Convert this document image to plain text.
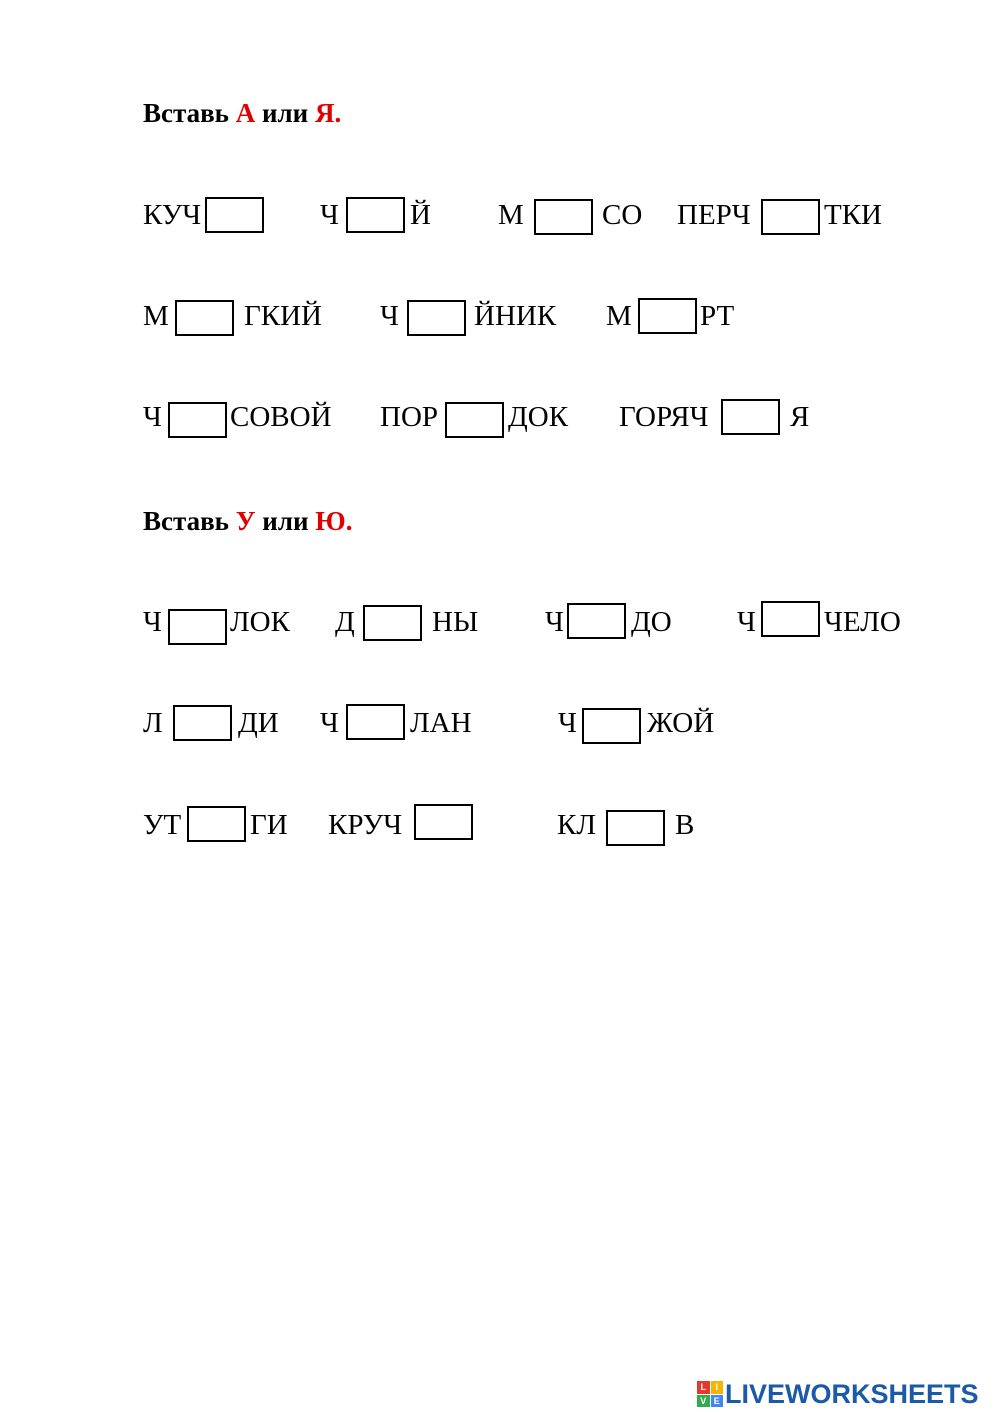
Вставь А или Я.
КУЧ	Ч Й М	СО ПЕРЧ	ТКИ
М	ГКИЙ Ч	ЙНИК М РТ
Ч СОВОЙ ПОР ДОК ГОРЯЧ	Я
Вставь У или Ю.
Ч ЛОК Д	НЫ Ч ДО Ч ЧЕЛО
Л	ДИ Ч ЛАН	Ч ЖОЙ
УТ ГИ КРУЧ	КЛ	В
L	I
V E LIVEWORKSHEETS
